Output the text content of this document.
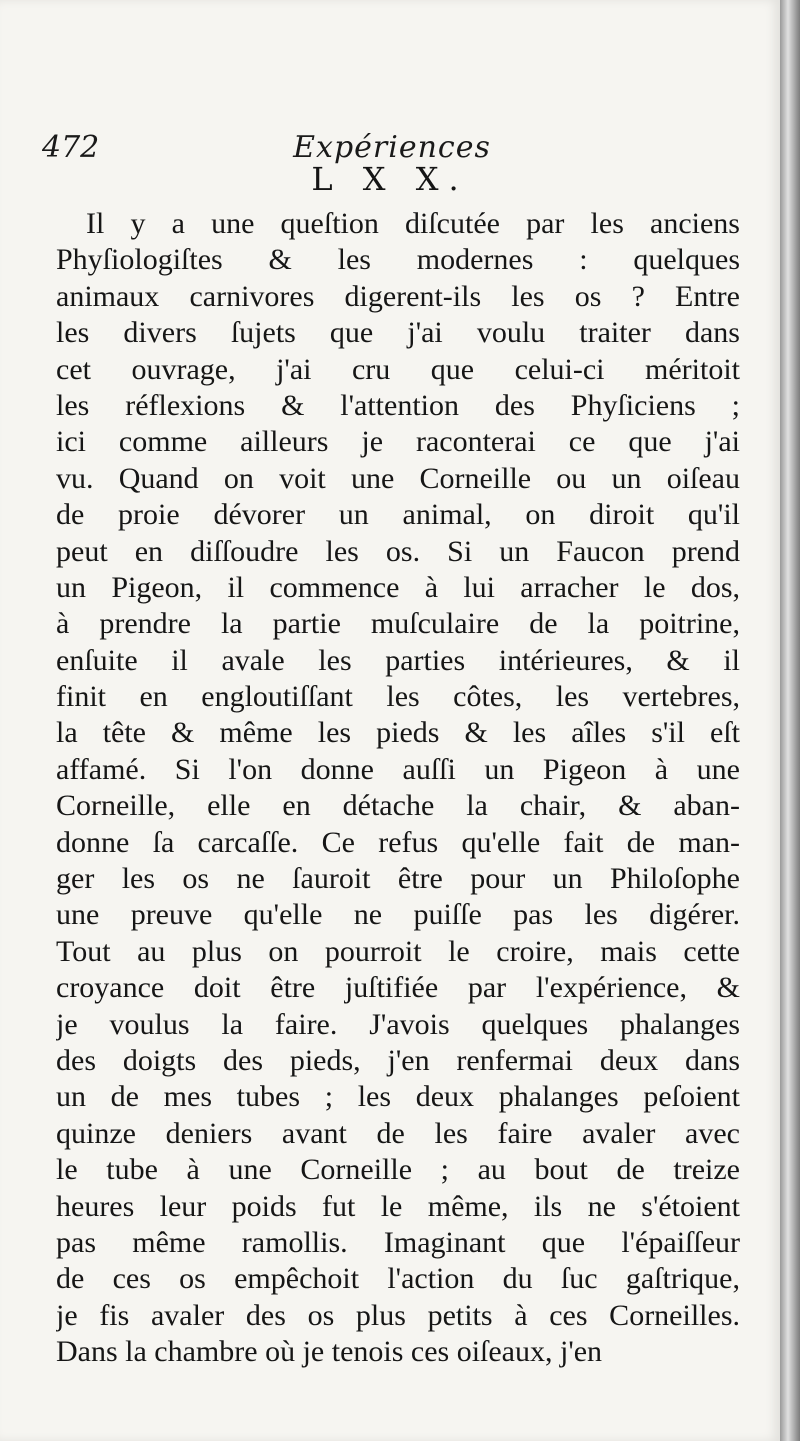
472	Expériences
L X X.
Il y a une queſtion diſcutée par les anciens
Phyſiologiſtes & les modernes : quelques
animaux carnivores digerent-ils les os ? Entre
les divers ſujets que j'ai voulu traiter dans
cet ouvrage, j'ai cru que celui-ci méritoit
les réflexions & l'attention des Phyſiciens ;
ici comme ailleurs je raconterai ce que j'ai
vu. Quand on voit une Corneille ou un oiſeau
de proie dévorer un animal, on diroit qu'il
peut en diſſoudre les os. Si un Faucon prend
un Pigeon, il commence à lui arracher le dos,
à prendre la partie muſculaire de la poitrine,
enſuite il avale les parties intérieures, & il
finit en engloutiſſant les côtes, les vertebres,
la tête & même les pieds & les aîles s'il eſt
affamé. Si l'on donne auſſi un Pigeon à une
Corneille, elle en détache la chair, & aban-
donne ſa carcaſſe. Ce refus qu'elle fait de man-
ger les os ne ſauroit être pour un Philoſophe
une preuve qu'elle ne puiſſe pas les digérer.
Tout au plus on pourroit le croire, mais cette
croyance doit être juſtifiée par l'expérience, &
je voulus la faire. J'avois quelques phalanges
des doigts des pieds, j'en renfermai deux dans
un de mes tubes ; les deux phalanges peſoient
quinze deniers avant de les faire avaler avec
le tube à une Corneille ; au bout de treize
heures leur poids fut le même, ils ne s'étoient
pas même ramollis. Imaginant que l'épaiſſeur
de ces os empêchoit l'action du ſuc gaſtrique,
je fis avaler des os plus petits à ces Corneilles.
Dans la chambre où je tenois ces oiſeaux, j'en
